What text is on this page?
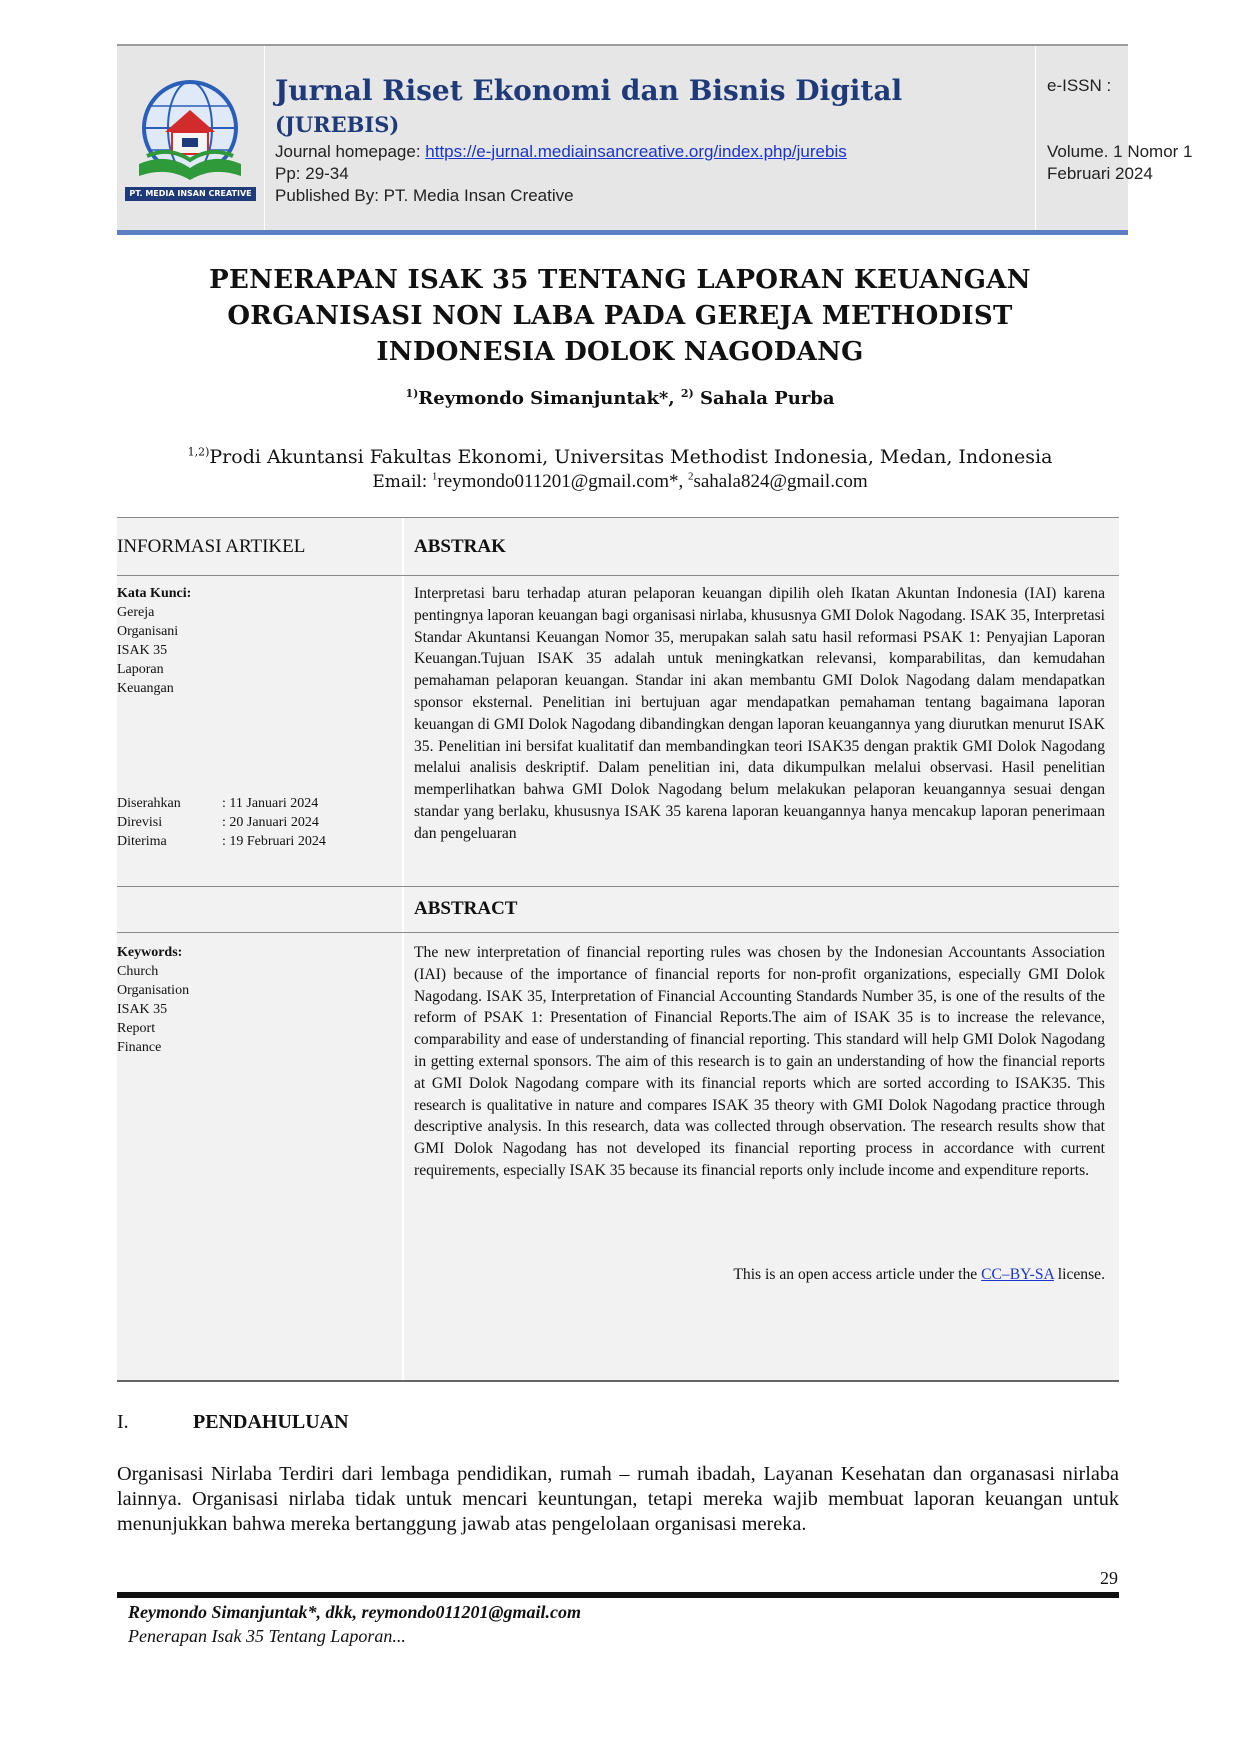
PT. MEDIA INSAN CREATIVE
Jurnal Riset Ekonomi dan Bisnis Digital
(JUREBIS)
Journal homepage: https://e-jurnal.mediainsancreative.org/index.php/jurebis
Pp: 29-34
Published By: PT. Media Insan Creative
e-ISSN :
Volume. 1 Nomor 1
Februari 2024
PENERAPAN ISAK 35 TENTANG LAPORAN KEUANGAN
ORGANISASI NON LABA PADA GEREJA METHODIST
INDONESIA DOLOK NAGODANG
$^{1)}$Reymondo Simanjuntak*, $^{2)}$ Sahala Purba
$^{1,2)}$Prodi Akuntansi Fakultas Ekonomi, Universitas Methodist Indonesia, Medan, Indonesia
Email: $^1$reymondo011201@gmail.com*, $^2$sahala824@gmail.com
INFORMASI ARTIKEL	ABSTRAK
Kata Kunci:
Gereja
Organisani
ISAK 35
Laporan
Keuangan
Diserahkan	: 11 Januari 2024
Direvisi	: 20 Januari 2024
Diterima	: 19 Februari 2024
Interpretasi baru terhadap aturan pelaporan keuangan dipilih oleh Ikatan Akuntan Indonesia (IAI) karena pentingnya laporan keuangan bagi organisasi nirlaba, khususnya GMI Dolok Nagodang. ISAK 35, Interpretasi Standar Akuntansi Keuangan Nomor 35, merupakan salah satu hasil reformasi PSAK 1: Penyajian Laporan Keuangan.Tujuan ISAK 35 adalah untuk meningkatkan relevansi, komparabilitas, dan kemudahan pemahaman pelaporan keuangan. Standar ini akan membantu GMI Dolok Nagodang dalam mendapatkan sponsor eksternal. Penelitian ini bertujuan agar mendapatkan pemahaman tentang bagaimana laporan keuangan di GMI Dolok Nagodang dibandingkan dengan laporan keuangannya yang diurutkan menurut ISAK 35. Penelitian ini bersifat kualitatif dan membandingkan teori ISAK35 dengan praktik GMI Dolok Nagodang melalui analisis deskriptif. Dalam penelitian ini, data dikumpulkan melalui observasi. Hasil penelitian memperlihatkan bahwa GMI Dolok Nagodang belum melakukan pelaporan keuangannya sesuai dengan standar yang berlaku, khususnya ISAK 35 karena laporan keuangannya hanya mencakup laporan penerimaan dan pengeluaran
ABSTRACT
Keywords:
Church
Organisation
ISAK 35
Report
Finance
The new interpretation of financial reporting rules was chosen by the Indonesian Accountants Association (IAI) because of the importance of financial reports for non-profit organizations, especially GMI Dolok Nagodang. ISAK 35, Interpretation of Financial Accounting Standards Number 35, is one of the results of the reform of PSAK 1: Presentation of Financial Reports.The aim of ISAK 35 is to increase the relevance, comparability and ease of understanding of financial reporting. This standard will help GMI Dolok Nagodang in getting external sponsors. The aim of this research is to gain an understanding of how the financial reports at GMI Dolok Nagodang compare with its financial reports which are sorted according to ISAK35. This research is qualitative in nature and compares ISAK 35 theory with GMI Dolok Nagodang practice through descriptive analysis. In this research, data was collected through observation. The research results show that GMI Dolok Nagodang has not developed its financial reporting process in accordance with current requirements, especially ISAK 35 because its financial reports only include income and expenditure reports.
This is an open access article under the CC–BY-SA license.
I.	PENDAHULUAN
Organisasi Nirlaba Terdiri dari lembaga pendidikan, rumah – rumah ibadah, Layanan Kesehatan dan organasasi nirlaba lainnya. Organisasi nirlaba tidak untuk mencari keuntungan, tetapi mereka wajib membuat laporan keuangan untuk menunjukkan bahwa mereka bertanggung jawab atas pengelolaan organisasi mereka.
29
Reymondo Simanjuntak*, dkk, reymondo011201@gmail.com
Penerapan Isak 35 Tentang Laporan...
